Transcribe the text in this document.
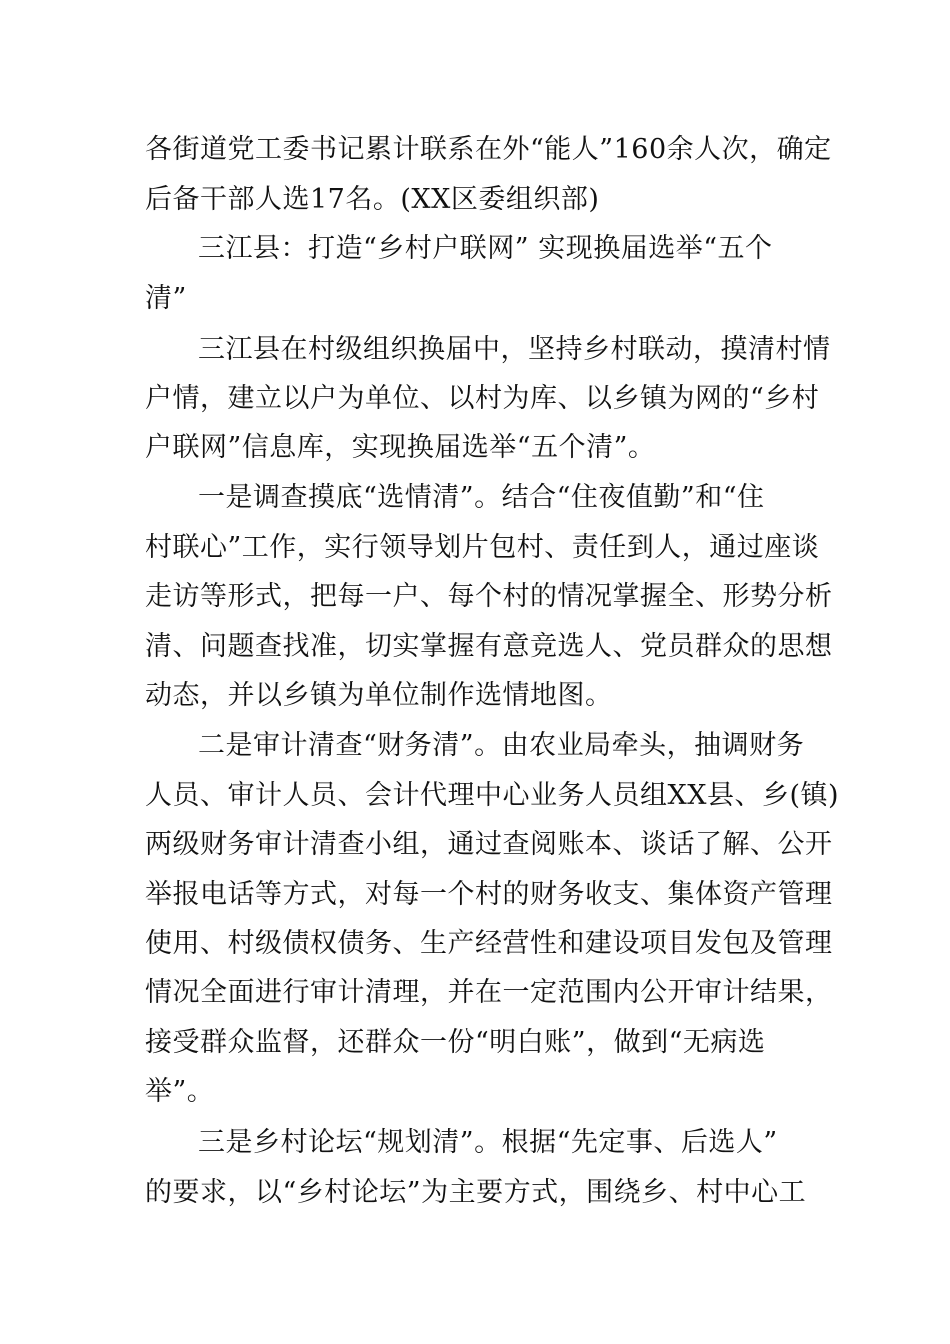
各街道党工委书记累计联系在外“能人”160余人次，确定
后备干部人选17名。(XX区委组织部)
三江县：打造“乡村户联网” 实现换届选举“五个
清”
三江县在村级组织换届中，坚持乡村联动，摸清村情
户情，建立以户为单位、以村为库、以乡镇为网的“乡村
户联网”信息库，实现换届选举“五个清”。
一是调查摸底“选情清”。结合“住夜值勤”和“住
村联心”工作，实行领导划片包村、责任到人，通过座谈
走访等形式，把每一户、每个村的情况掌握全、形势分析
清、问题查找准，切实掌握有意竞选人、党员群众的思想
动态，并以乡镇为单位制作选情地图。
二是审计清查“财务清”。由农业局牵头，抽调财务
人员、审计人员、会计代理中心业务人员组XX县、乡(镇)
两级财务审计清查小组，通过查阅账本、谈话了解、公开
举报电话等方式，对每一个村的财务收支、集体资产管理
使用、村级债权债务、生产经营性和建设项目发包及管理
情况全面进行审计清理，并在一定范围内公开审计结果，
接受群众监督，还群众一份“明白账”，做到“无病选
举”。
三是乡村论坛“规划清”。根据“先定事、后选人”
的要求，以“乡村论坛”为主要方式，围绕乡、村中心工
